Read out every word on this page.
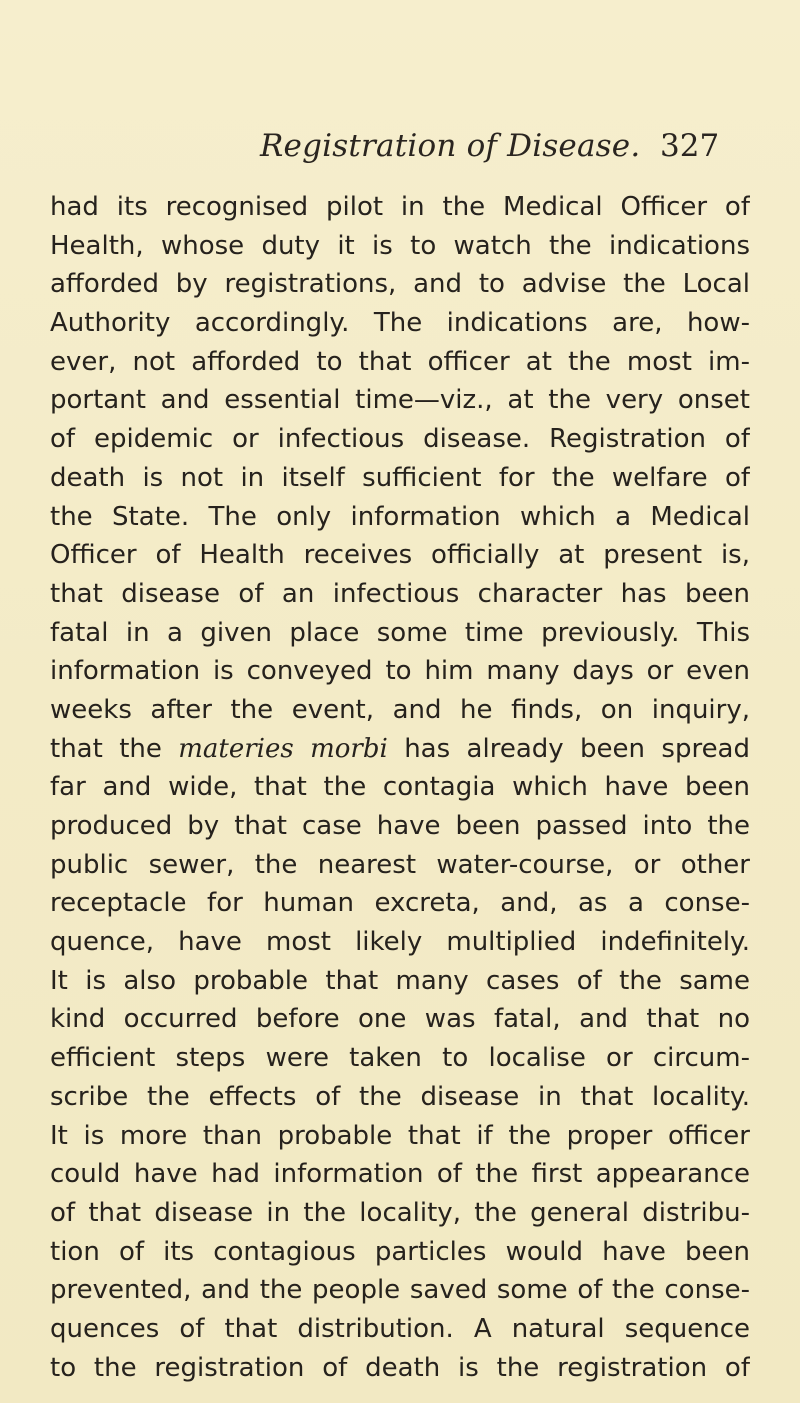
Registration of Disease. 327
had its recognised pilot in the Medical Officer of
Health, whose duty it is to watch the indications
afforded by registrations, and to advise the Local
Authority accordingly. The indications are, how-
ever, not afforded to that officer at the most im-
portant and essential time—viz., at the very onset
of epidemic or infectious disease. Registration of
death is not in itself sufficient for the welfare of
the State. The only information which a Medical
Officer of Health receives officially at present is,
that disease of an infectious character has been
fatal in a given place some time previously. This
information is conveyed to him many days or even
weeks after the event, and he finds, on inquiry,
that the materies morbi has already been spread
far and wide, that the contagia which have been
produced by that case have been passed into the
public sewer, the nearest water-course, or other
receptacle for human excreta, and, as a conse-
quence, have most likely multiplied indefinitely.
It is also probable that many cases of the same
kind occurred before one was fatal, and that no
efficient steps were taken to localise or circum-
scribe the effects of the disease in that locality.
It is more than probable that if the proper officer
could have had information of the first appearance
of that disease in the locality, the general distribu-
tion of its contagious particles would have been
prevented, and the people saved some of the conse-
quences of that distribution. A natural sequence
to the registration of death is the registration of
